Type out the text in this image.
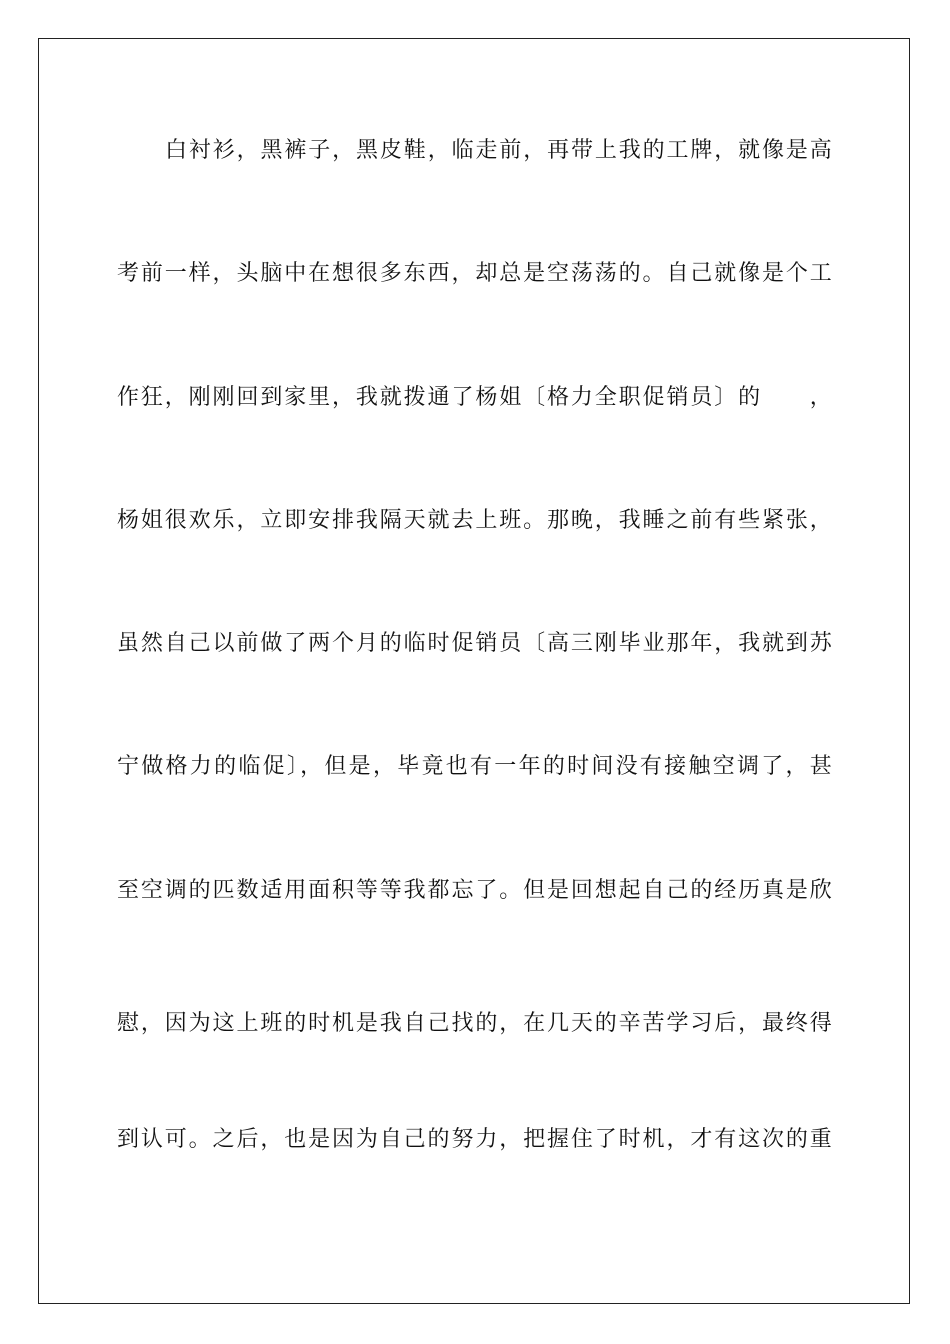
白衬衫，黑裤子，黑皮鞋，临走前，再带上我的工牌，就像是高
考前一样，头脑中在想很多东西，却总是空荡荡的。自己就像是个工
作狂，刚刚回到家里，我就拨通了杨姐〔格力全职促销员〕的　　，
杨姐很欢乐，立即安排我隔天就去上班。那晚，我睡之前有些紧张，
虽然自己以前做了两个月的临时促销员〔高三刚毕业那年，我就到苏
宁做格力的临促〕，但是，毕竟也有一年的时间没有接触空调了，甚
至空调的匹数适用面积等等我都忘了。但是回想起自己的经历真是欣
慰，因为这上班的时机是我自己找的，在几天的辛苦学习后，最终得
到认可。之后，也是因为自己的努力，把握住了时机，才有这次的重
